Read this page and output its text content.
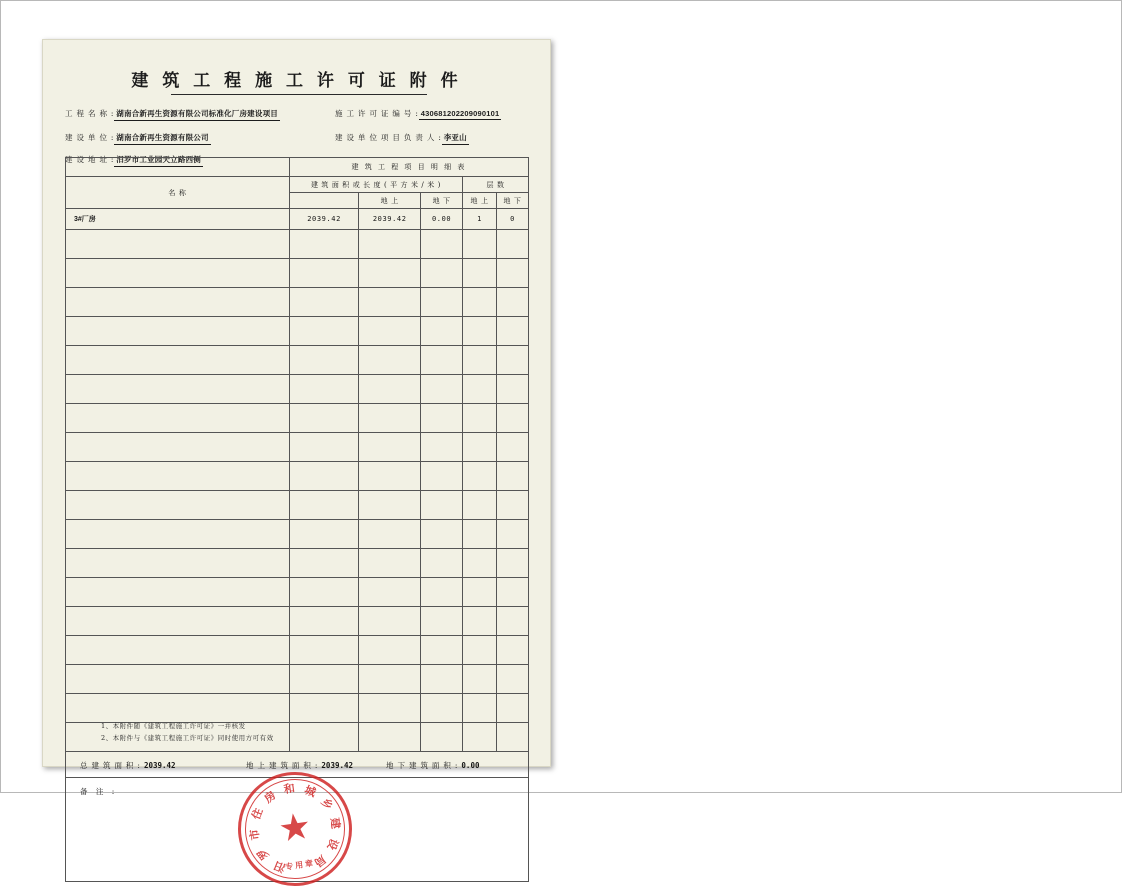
建 筑 工 程 施 工 许 可 证 附 件
工 程 名 称 : 湖南合新再生资源有限公司标准化厂房建设项目	施 工 许 可 证 编 号 : 430681202209090101
建 设 单 位 : 湖南合新再生资源有限公司	建 设 单 位 项 目 负 责 人 : 李亚山
建 设 地 址 : 汨罗市工业园天立路西侧
	建 筑 工 程 项 目 明 细 表				
名 称	建 筑 面 积 或 长 度 ( 平 方 米 / 米 )			层 数	
		地 上	地 下	地 上	地 下
3#厂房	2039.42	2039.42	0.00	1	0

总 建 筑 面 积 : 2039.42	地 上 建 筑 面 积 : 2039.42	地 下 建 筑 面 积 : 0.00
备 注 :
★
专用章
汨
罗
市
住
房 和 城
乡
建
设
局
1、本附件随《建筑工程施工许可证》一并核发
2、本附件与《建筑工程施工许可证》同时使用方可有效
